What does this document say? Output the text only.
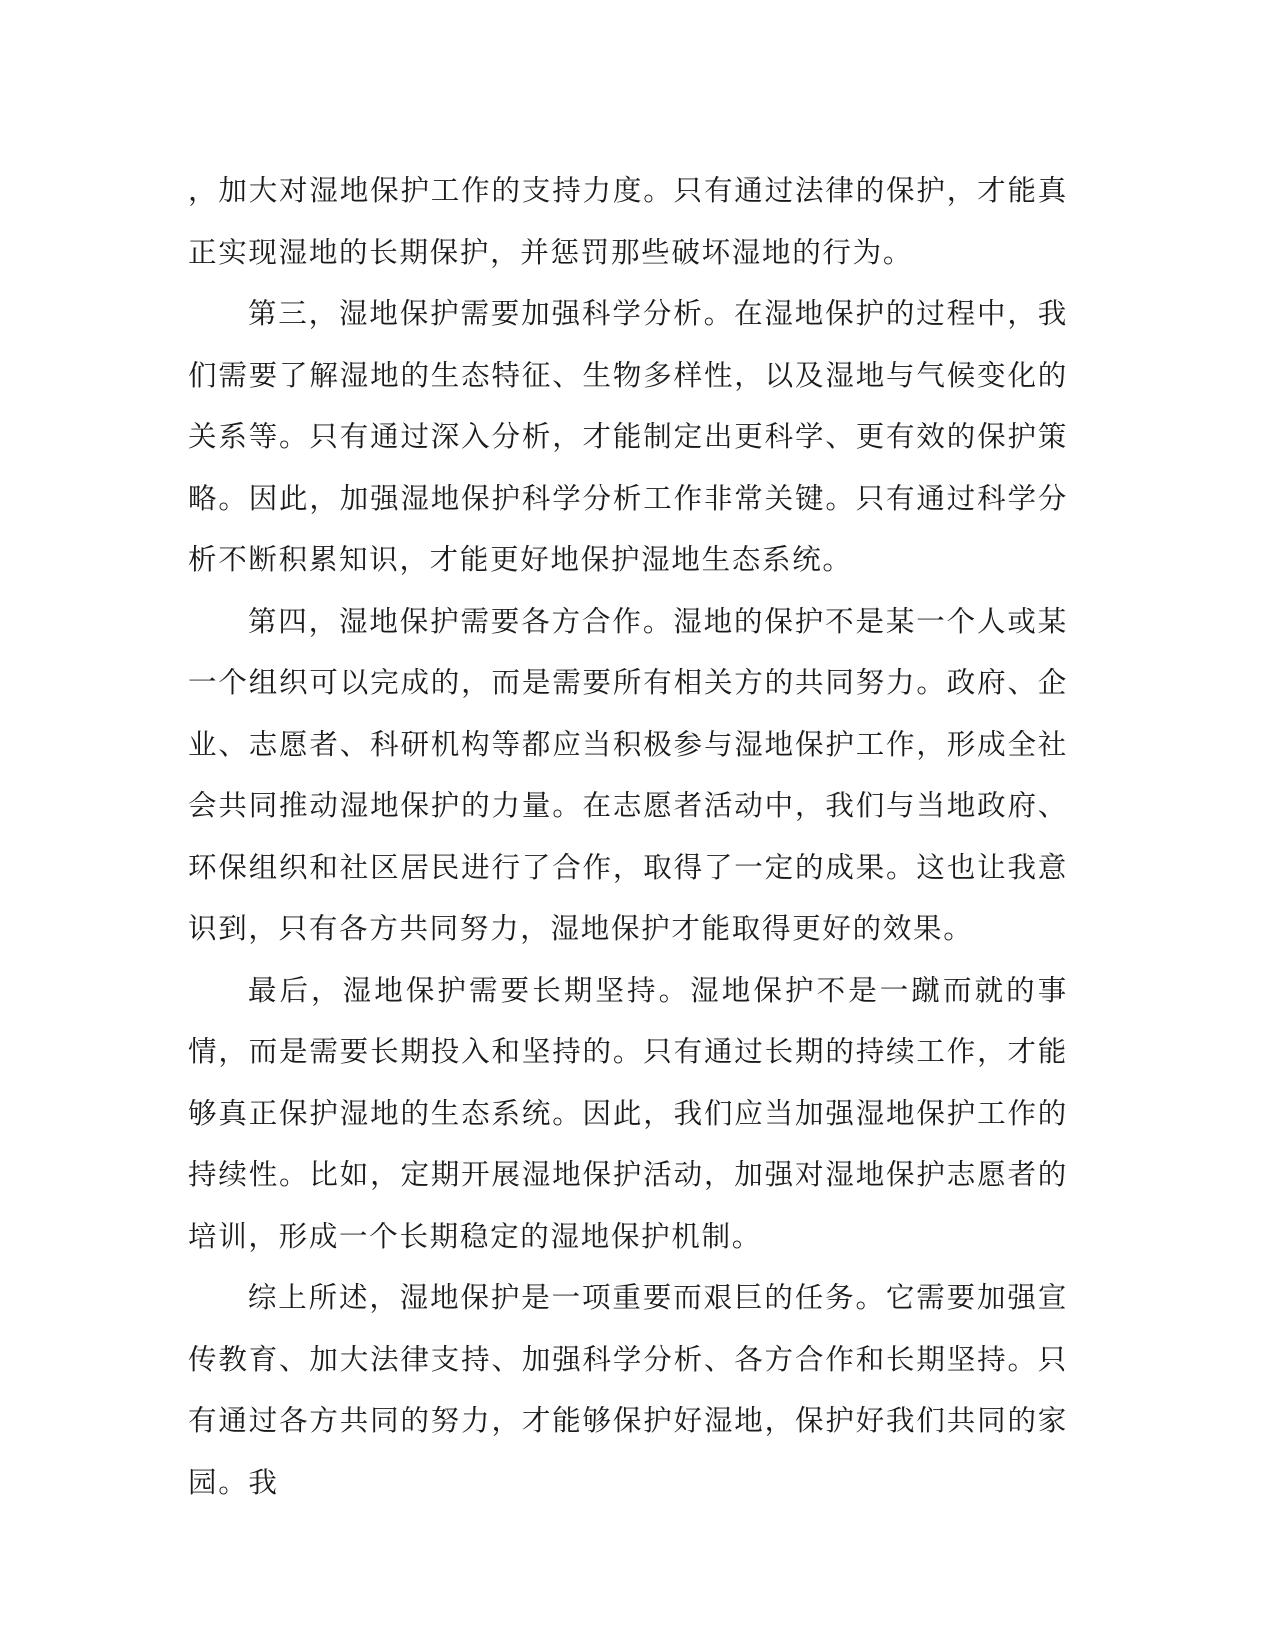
，加大对湿地保护工作的支持力度。只有通过法律的保护，才能真正实现湿地的长期保护，并惩罚那些破坏湿地的行为。

第三，湿地保护需要加强科学分析。在湿地保护的过程中，我们需要了解湿地的生态特征、生物多样性，以及湿地与气候变化的关系等。只有通过深入分析，才能制定出更科学、更有效的保护策略。因此，加强湿地保护科学分析工作非常关键。只有通过科学分析不断积累知识，才能更好地保护湿地生态系统。

第四，湿地保护需要各方合作。湿地的保护不是某一个人或某一个组织可以完成的，而是需要所有相关方的共同努力。政府、企业、志愿者、科研机构等都应当积极参与湿地保护工作，形成全社会共同推动湿地保护的力量。在志愿者活动中，我们与当地政府、环保组织和社区居民进行了合作，取得了一定的成果。这也让我意识到，只有各方共同努力，湿地保护才能取得更好的效果。

最后，湿地保护需要长期坚持。湿地保护不是一蹴而就的事情，而是需要长期投入和坚持的。只有通过长期的持续工作，才能够真正保护湿地的生态系统。因此，我们应当加强湿地保护工作的持续性。比如，定期开展湿地保护活动，加强对湿地保护志愿者的培训，形成一个长期稳定的湿地保护机制。

综上所述，湿地保护是一项重要而艰巨的任务。它需要加强宣传教育、加大法律支持、加强科学分析、各方合作和长期坚持。只有通过各方共同的努力，才能够保护好湿地，保护好我们共同的家园。我
